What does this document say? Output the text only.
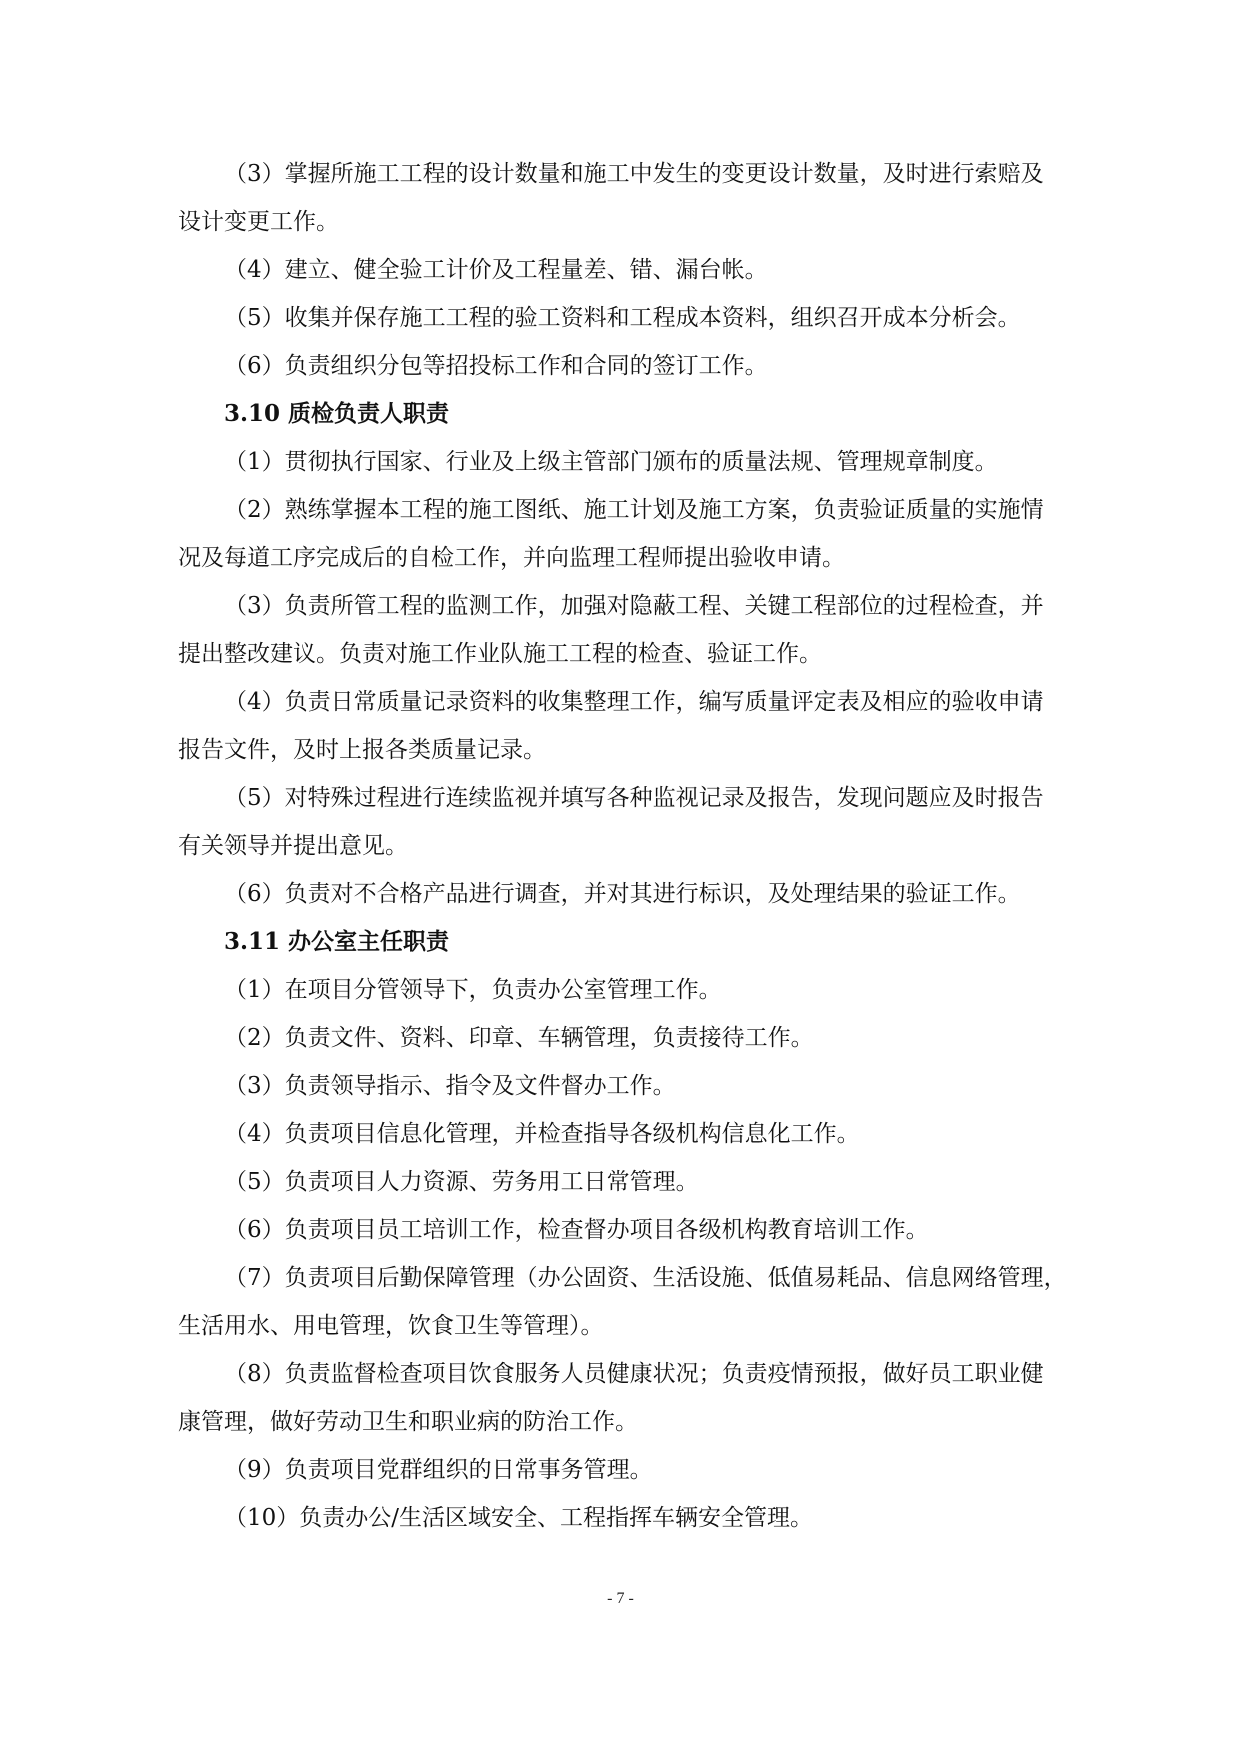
（3）掌握所施工工程的设计数量和施工中发生的变更设计数量，及时进行索赔及
设计变更工作。
（4）建立、健全验工计价及工程量差、错、漏台帐。
（5）收集并保存施工工程的验工资料和工程成本资料，组织召开成本分析会。
（6）负责组织分包等招投标工作和合同的签订工作。
3.10 质检负责人职责
（1）贯彻执行国家、行业及上级主管部门颁布的质量法规、管理规章制度。
（2）熟练掌握本工程的施工图纸、施工计划及施工方案，负责验证质量的实施情
况及每道工序完成后的自检工作，并向监理工程师提出验收申请。
（3）负责所管工程的监测工作，加强对隐蔽工程、关键工程部位的过程检查，并
提出整改建议。负责对施工作业队施工工程的检查、验证工作。
（4）负责日常质量记录资料的收集整理工作，编写质量评定表及相应的验收申请
报告文件，及时上报各类质量记录。
（5）对特殊过程进行连续监视并填写各种监视记录及报告，发现问题应及时报告
有关领导并提出意见。
（6）负责对不合格产品进行调查，并对其进行标识，及处理结果的验证工作。
3.11 办公室主任职责
（1）在项目分管领导下，负责办公室管理工作。
（2）负责文件、资料、印章、车辆管理，负责接待工作。
（3）负责领导指示、指令及文件督办工作。
（4）负责项目信息化管理，并检查指导各级机构信息化工作。
（5）负责项目人力资源、劳务用工日常管理。
（6）负责项目员工培训工作，检查督办项目各级机构教育培训工作。
（7）负责项目后勤保障管理（办公固资、生活设施、低值易耗品、信息网络管理，
生活用水、用电管理，饮食卫生等管理）。
（8）负责监督检查项目饮食服务人员健康状况；负责疫情预报，做好员工职业健
康管理，做好劳动卫生和职业病的防治工作。
（9）负责项目党群组织的日常事务管理。
（10）负责办公/生活区域安全、工程指挥车辆安全管理。
- 7 -
